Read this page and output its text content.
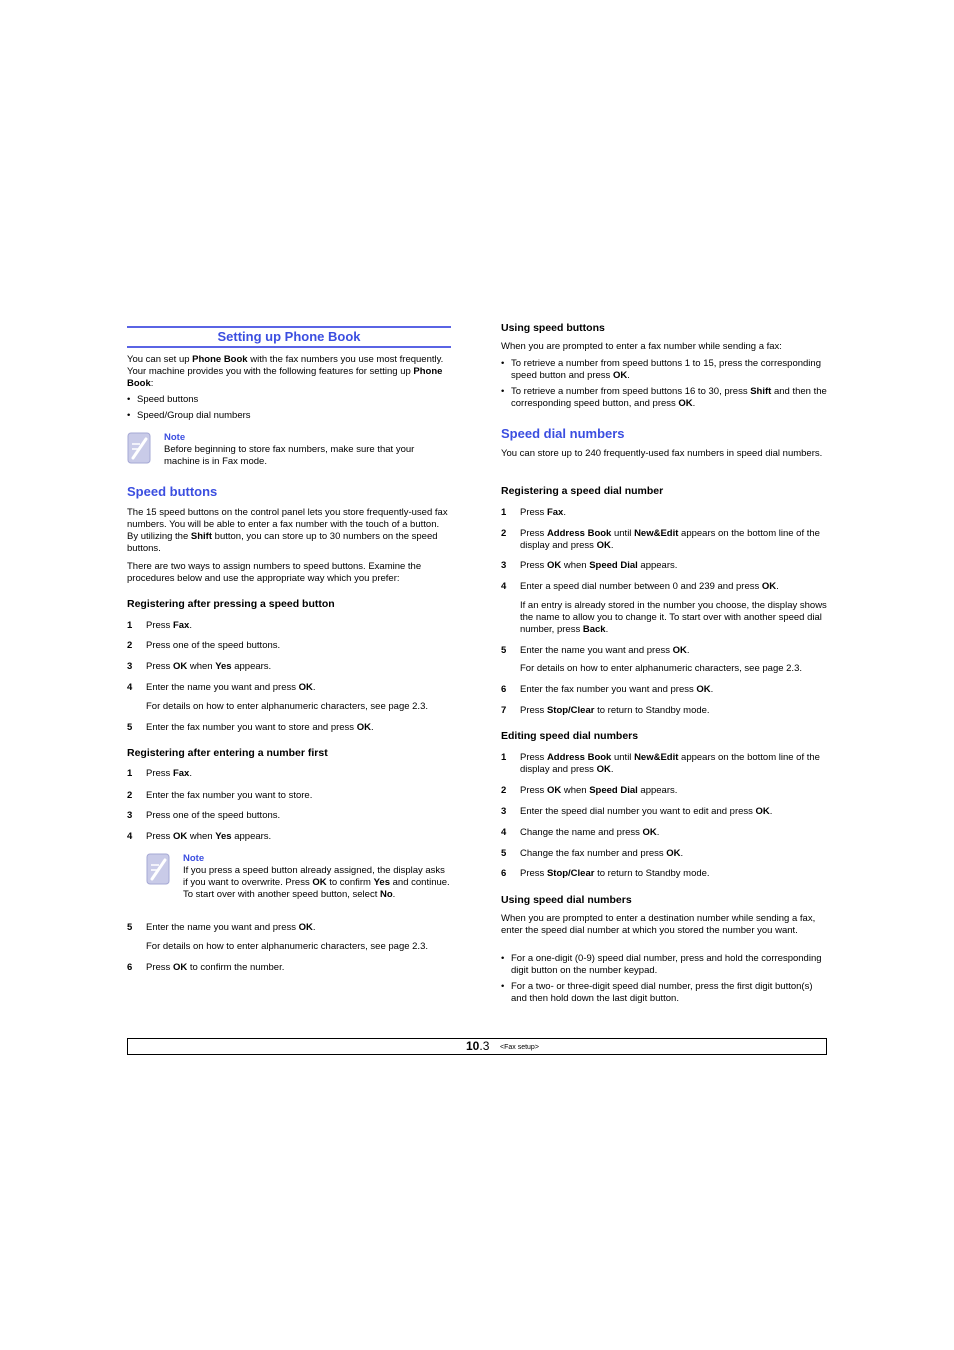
Setting up Phone Book
You can set up Phone Book with the fax numbers you use most frequently. Your machine provides you with the following features for setting up Phone Book:
• Speed buttons
• Speed/Group dial numbers
Note
Before beginning to store fax numbers, make sure that your machine is in Fax mode.
Speed buttons
The 15 speed buttons on the control panel lets you store frequently-used fax numbers. You will be able to enter a fax number with the touch of a button. By utilizing the Shift button, you can store up to 30 numbers on the speed buttons.
There are two ways to assign numbers to speed buttons. Examine the procedures below and use the appropriate way which you prefer:
Registering after pressing a speed button
1 Press Fax.
2 Press one of the speed buttons.
3 Press OK when Yes appears.
4 Enter the name you want and press OK.
For details on how to enter alphanumeric characters, see page 2.3.
5 Enter the fax number you want to store and press OK.
Registering after entering a number first
1 Press Fax.
2 Enter the fax number you want to store.
3 Press one of the speed buttons.
4 Press OK when Yes appears.
Note
If you press a speed button already assigned, the display asks if you want to overwrite. Press OK to confirm Yes and continue. To start over with another speed button, select No.
5 Enter the name you want and press OK.
For details on how to enter alphanumeric characters, see page 2.3.
6 Press OK to confirm the number.
Using speed buttons
When you are prompted to enter a fax number while sending a fax:
• To retrieve a number from speed buttons 1 to 15, press the corresponding speed button and press OK.
• To retrieve a number from speed buttons 16 to 30, press Shift and then the corresponding speed button, and press OK.
Speed dial numbers
You can store up to 240 frequently-used fax numbers in speed dial numbers.
Registering a speed dial number
1 Press Fax.
2 Press Address Book until New&Edit appears on the bottom line of the display and press OK.
3 Press OK when Speed Dial appears.
4 Enter a speed dial number between 0 and 239 and press OK.
If an entry is already stored in the number you choose, the display shows the name to allow you to change it. To start over with another speed dial number, press Back.
5 Enter the name you want and press OK.
For details on how to enter alphanumeric characters, see page 2.3.
6 Enter the fax number you want and press OK.
7 Press Stop/Clear to return to Standby mode.
Editing speed dial numbers
1 Press Address Book until New&Edit appears on the bottom line of the display and press OK.
2 Press OK when Speed Dial appears.
3 Enter the speed dial number you want to edit and press OK.
4 Change the name and press OK.
5 Change the fax number and press OK.
6 Press Stop/Clear to return to Standby mode.
Using speed dial numbers
When you are prompted to enter a destination number while sending a fax, enter the speed dial number at which you stored the number you want.
• For a one-digit (0-9) speed dial number, press and hold the corresponding digit button on the number keypad.
• For a two- or three-digit speed dial number, press the first digit button(s) and then hold down the last digit button.
10.3 <Fax setup>
